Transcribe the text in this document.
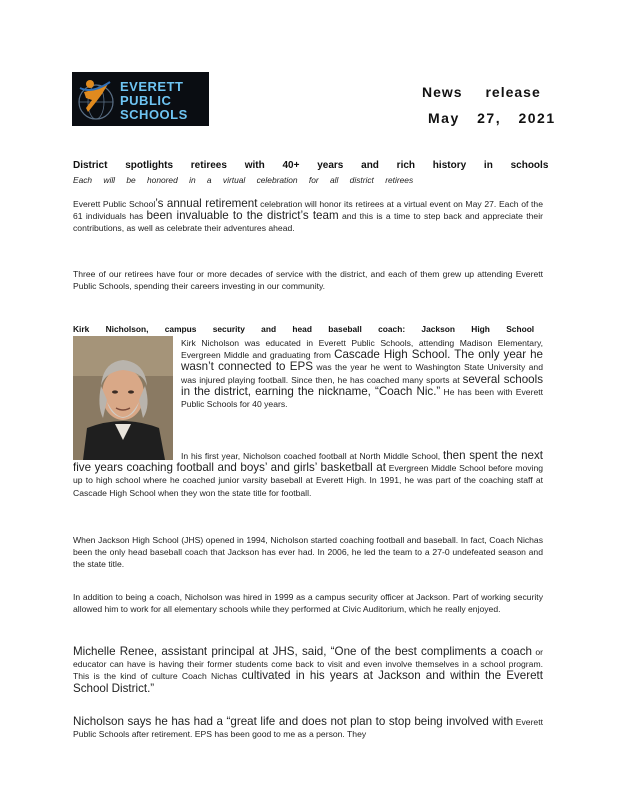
EVERETT
PUBLIC
SCHOOLS
News release
May 27, 2021
District spotlights retirees with 40+ years and rich history in schools
Each will be honored in a virtual celebration for all district retirees
Everett Public School’s annual retirement celebration will honor its retirees at a virtual event on May 27. Each of the 61 individuals has been invaluable to the district’s team and this is a time to step back and appreciate their contributions, as well as celebrate their adventures ahead.
Three of our retirees have four or more decades of service with the district, and each of them grew up attending Everett Public Schools, spending their careers investing in our community.
Kirk Nicholson, campus security and head baseball coach: Jackson High School
Kirk Nicholson was educated in Everett Public Schools, attending Madison Elementary, Evergreen Middle and graduating from Cascade High School. The only year he wasn’t connected to EPS was the year he went to Washington State University and was injured playing football. Since then, he has coached many sports at several schools in the district, earning the nickname, “Coach Nic.” He has been with Everett Public Schools for 40 years.
In his first year, Nicholson coached football at North Middle School, then spent the next five years coaching football and boys’ and girls’ basketball at Evergreen Middle School before moving up to high school where he coached junior varsity baseball at Everett High. In 1991, he was part of the coaching staff at Cascade High School when they won the state title for football.
When Jackson High School (JHS) opened in 1994, Nicholson started coaching football and baseball. In fact, Coach Nichas been the only head baseball coach that Jackson has ever had. In 2006, he led the team to a 27-0 undefeated season and the state title.
In addition to being a coach, Nicholson was hired in 1999 as a campus security officer at Jackson. Part of working security allowed him to work for all elementary schools while they performed at Civic Auditorium, which he really enjoyed.
Michelle Renee, assistant principal at JHS, said, “One of the best compliments a coach or educator can have is having their former students come back to visit and even involve themselves in a school program. This is the kind of culture Coach Nichas cultivated in his years at Jackson and within the Everett School District.”
Nicholson says he has had a “great life and does not plan to stop being involved with Everett Public Schools after retirement. EPS has been good to me as a person. They
